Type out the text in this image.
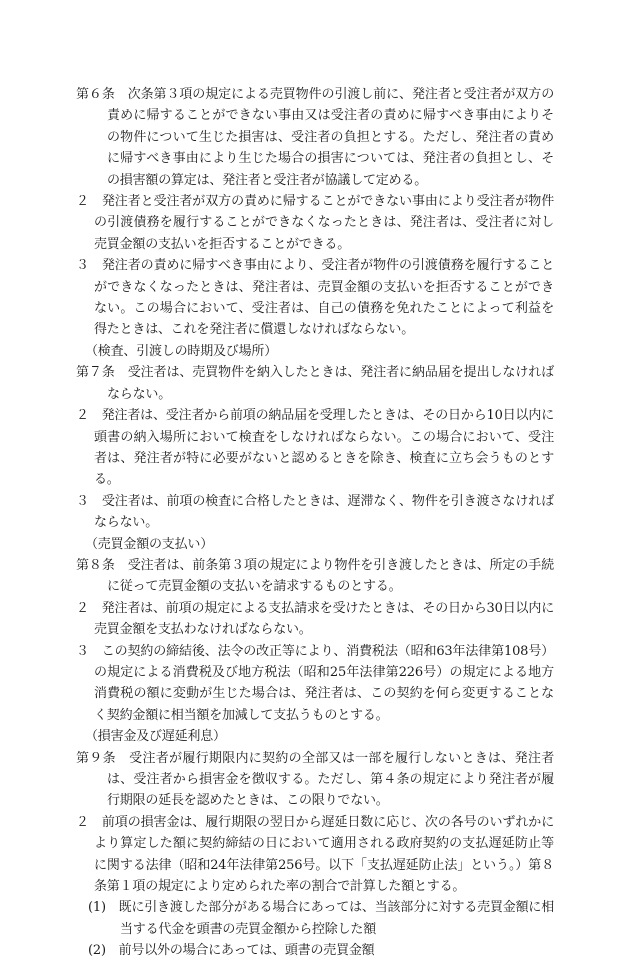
第６条　次条第３項の規定による売買物件の引渡し前に、発注者と受注者が双方の責めに帰することができない事由又は受注者の責めに帰すべき事由によりその物件について生じた損害は、受注者の負担とする。ただし、発注者の責めに帰すべき事由により生じた場合の損害については、発注者の負担とし、その損害額の算定は、発注者と受注者が協議して定める。

２　発注者と受注者が双方の責めに帰することができない事由により受注者が物件の引渡債務を履行することができなくなったときは、発注者は、受注者に対し売買金額の支払いを拒否することができる。

３　発注者の責めに帰すべき事由により、受注者が物件の引渡債務を履行することができなくなったときは、発注者は、売買金額の支払いを拒否することができない。この場合において、受注者は、自己の債務を免れたことによって利益を得たときは、これを発注者に償還しなければならない。

（検査、引渡しの時期及び場所）

第７条　受注者は、売買物件を納入したときは、発注者に納品届を提出しなければならない。

２　発注者は、受注者から前項の納品届を受理したときは、その日から10日以内に頭書の納入場所において検査をしなければならない。この場合において、受注者は、発注者が特に必要がないと認めるときを除き、検査に立ち会うものとする。

３　受注者は、前項の検査に合格したときは、遅滞なく、物件を引き渡さなければならない。

（売買金額の支払い）

第８条　受注者は、前条第３項の規定により物件を引き渡したときは、所定の手続に従って売買金額の支払いを請求するものとする。

２　発注者は、前項の規定による支払請求を受けたときは、その日から30日以内に売買金額を支払わなければならない。

３　この契約の締結後、法令の改正等により、消費税法（昭和63年法律第108号）の規定による消費税及び地方税法（昭和25年法律第226号）の規定による地方消費税の額に変動が生じた場合は、発注者は、この契約を何ら変更することなく契約金額に相当額を加減して支払うものとする。

（損害金及び遅延利息）

第９条　受注者が履行期限内に契約の全部又は一部を履行しないときは、発注者は、受注者から損害金を徴収する。ただし、第４条の規定により発注者が履行期限の延長を認めたときは、この限りでない。

２　前項の損害金は、履行期限の翌日から遅延日数に応じ、次の各号のいずれかにより算定した額に契約締結の日において適用される政府契約の支払遅延防止等に関する法律（昭和24年法律第256号。以下「支払遅延防止法」という。）第８条第１項の規定により定められた率の割合で計算した額とする。

(1)　既に引き渡した部分がある場合にあっては、当該部分に対する売買金額に相当する代金を頭書の売買金額から控除した額

(2)　前号以外の場合にあっては、頭書の売買金額
